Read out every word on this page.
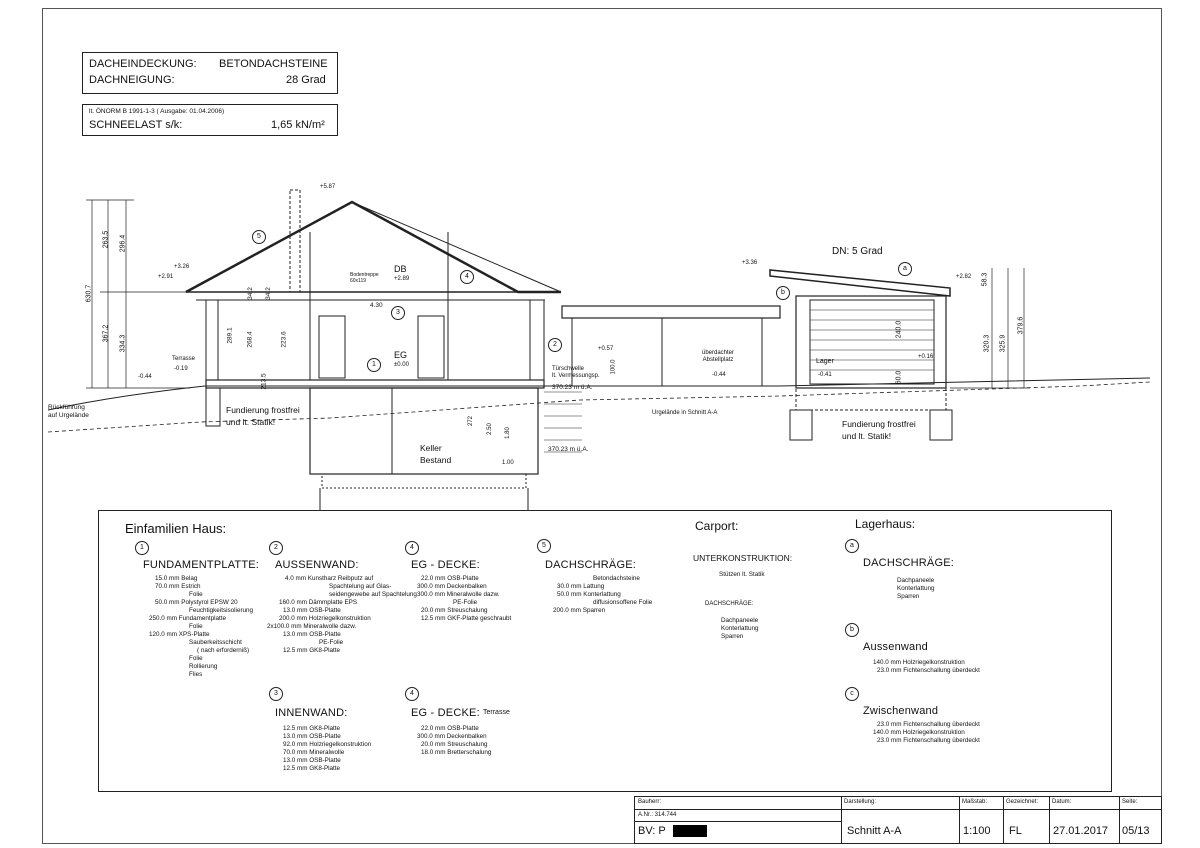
DACHEINDECKUNG: BETONDACHSTEINE
DACHNEIGUNG:	28 Grad
lt. ÖNORM B 1991-1-3 ( Ausgabe: 01.04.2006)
SCHNEELAST s/k:	1,65 kN/m²
630.7
367.2
334.3
263.5 296.4
+5.87
+3.26
+2.91
Terrasse
-0.19
-0.44
Bodentreppe
60x119
DB
+2.89
EG
±0.00
289.1 268.4
34.2 34.2
213.5
4.30
223.6
Rückführung
auf Urgelände
Fundierung frostfrei
und lt. Statik!
Keller
Bestand
272
2.50 1.80
1.00
Türschwelle
lt. Vermessungsp.
+0.57
100.0
370.23 m ü.A.
370.23 m ü.A.
überdachter
Abstellplatz
-0.44
Urgelände in Schnitt A-A
DN: 5 Grad
+3.36
+2.82
Lager
-0.41
+0.16
Fundierung frostfrei
und lt. Statik!
320.3 325.9
379.6
58.3
240.0
60.0
5
4
3
2
1
a
b
Einfamilien Haus:	Carport:	Lagerhaus:
1
FUNDAMENTPLATTE:
15.0 mm Belag
70.0 mm Estrich
Folie
50.0 mm Polystyrol EPSW 20
Feuchtigkeitsisolierung
250.0 mm Fundamentplatte
Folie
120.0 mm XPS-Platte
Sauberkeitsschicht
( nach erforderniß)
Folie
Rollierung
Flies
2
AUSSENWAND:
4.0 mm Kunstharz Reibputz auf
Spachtelung auf Glas-
seidengewebe auf Spachtelung
160.0 mm Dämmplatte EPS
13.0 mm OSB-Platte
200.0 mm Holzriegelkonstruktion
2x100.0 mm Mineralwolle dazw.
13.0 mm OSB-Platte
PE-Folie
12.5 mm GK8-Platte
3
INNENWAND:
12.5 mm GK8-Platte
13.0 mm OSB-Platte
92.0 mm Holzriegelkonstruktion
70.0 mm Mineralwolle
13.0 mm OSB-Platte
12.5 mm GK8-Platte
4
EG - DECKE:
22.0 mm OSB-Platte
300.0 mm Deckenbalken
300.0 mm Mineralwolle dazw.
PE-Folie
20.0 mm Streuschalung
12.5 mm GKF-Platte geschraubt
4
EG - DECKE: Terrasse
22.0 mm OSB-Platte
300.0 mm Deckenbalken
20.0 mm Streuschalung
18.0 mm Bretterschalung
5
DACHSCHRÄGE:
Betondachsteine
30.0 mm Lattung
50.0 mm Konterlattung
diffusionsoffene Folie
200.0 mm Sparren
UNTERKONSTRUKTION:
Stützen lt. Statik
DACHSCHRÄGE:
Dachpaneele
Konterlattung
Sparren
a
DACHSCHRÄGE:
Dachpaneele
Konterlattung
Sparren
b
Aussenwand
140.0 mm Holzriegelkonstruktion
23.0 mm Fichtenschallung überdeckt
c
Zwischenwand
23.0 mm Fichtenschallung überdeckt
140.0 mm Holzriegelkonstruktion
23.0 mm Fichtenschallung überdeckt
Bauherr:
A.Nr.: 314.744
BV: P
Darstellung:
Schnitt A-A
Maßstab:
1:100
Gezeichnet:
FL
Datum:
27.01.2017
Seite:
05/13
